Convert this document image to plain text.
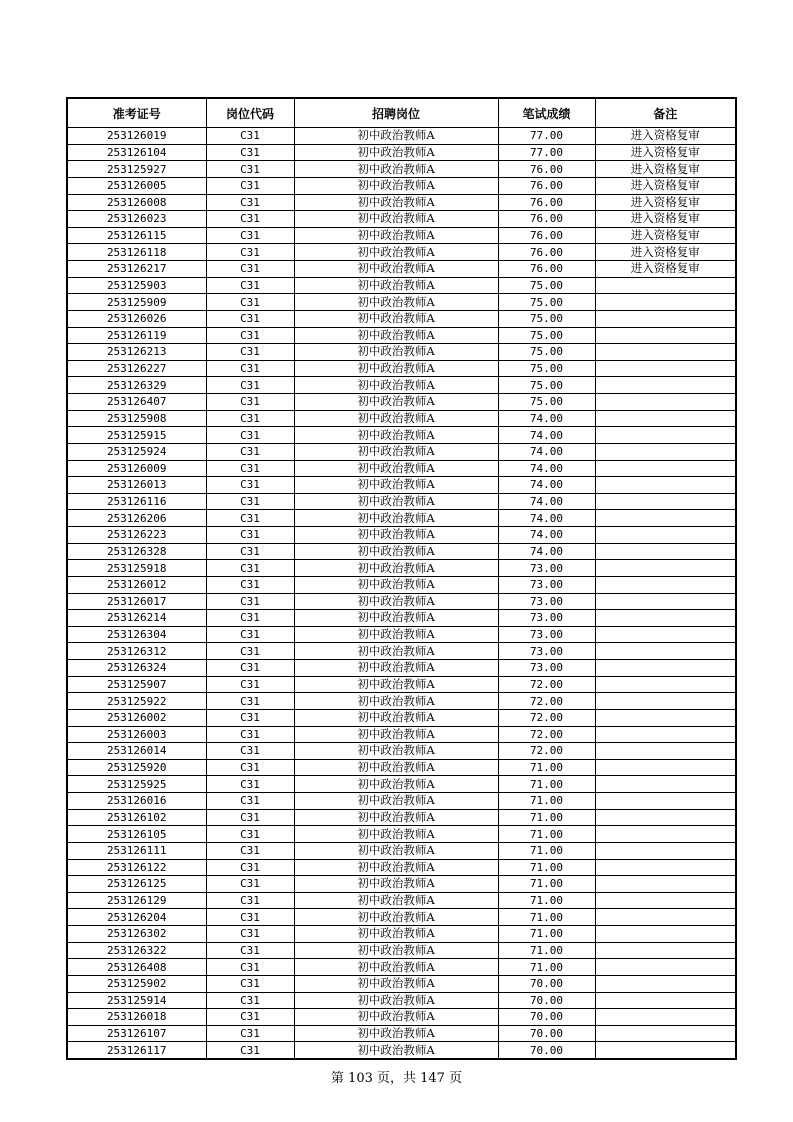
准考证号	岗位代码	招聘岗位	笔试成绩	备注
253126019	C31	初中政治教师A	77.00	进入资格复审
253126104	C31	初中政治教师A	77.00	进入资格复审
253125927	C31	初中政治教师A	76.00	进入资格复审
253126005	C31	初中政治教师A	76.00	进入资格复审
253126008	C31	初中政治教师A	76.00	进入资格复审
253126023	C31	初中政治教师A	76.00	进入资格复审
253126115	C31	初中政治教师A	76.00	进入资格复审
253126118	C31	初中政治教师A	76.00	进入资格复审
253126217	C31	初中政治教师A	76.00	进入资格复审
253125903	C31	初中政治教师A	75.00	
253125909	C31	初中政治教师A	75.00	
253126026	C31	初中政治教师A	75.00	
253126119	C31	初中政治教师A	75.00	
253126213	C31	初中政治教师A	75.00	
253126227	C31	初中政治教师A	75.00	
253126329	C31	初中政治教师A	75.00	
253126407	C31	初中政治教师A	75.00	
253125908	C31	初中政治教师A	74.00	
253125915	C31	初中政治教师A	74.00	
253125924	C31	初中政治教师A	74.00	
253126009	C31	初中政治教师A	74.00	
253126013	C31	初中政治教师A	74.00	
253126116	C31	初中政治教师A	74.00	
253126206	C31	初中政治教师A	74.00	
253126223	C31	初中政治教师A	74.00	
253126328	C31	初中政治教师A	74.00	
253125918	C31	初中政治教师A	73.00	
253126012	C31	初中政治教师A	73.00	
253126017	C31	初中政治教师A	73.00	
253126214	C31	初中政治教师A	73.00	
253126304	C31	初中政治教师A	73.00	
253126312	C31	初中政治教师A	73.00	
253126324	C31	初中政治教师A	73.00	
253125907	C31	初中政治教师A	72.00	
253125922	C31	初中政治教师A	72.00	
253126002	C31	初中政治教师A	72.00	
253126003	C31	初中政治教师A	72.00	
253126014	C31	初中政治教师A	72.00	
253125920	C31	初中政治教师A	71.00	
253125925	C31	初中政治教师A	71.00	
253126016	C31	初中政治教师A	71.00	
253126102	C31	初中政治教师A	71.00	
253126105	C31	初中政治教师A	71.00	
253126111	C31	初中政治教师A	71.00	
253126122	C31	初中政治教师A	71.00	
253126125	C31	初中政治教师A	71.00	
253126129	C31	初中政治教师A	71.00	
253126204	C31	初中政治教师A	71.00	
253126302	C31	初中政治教师A	71.00	
253126322	C31	初中政治教师A	71.00	
253126408	C31	初中政治教师A	71.00	
253125902	C31	初中政治教师A	70.00	
253125914	C31	初中政治教师A	70.00	
253126018	C31	初中政治教师A	70.00	
253126107	C31	初中政治教师A	70.00	
253126117	C31	初中政治教师A	70.00	
第 103 页，共 147 页
